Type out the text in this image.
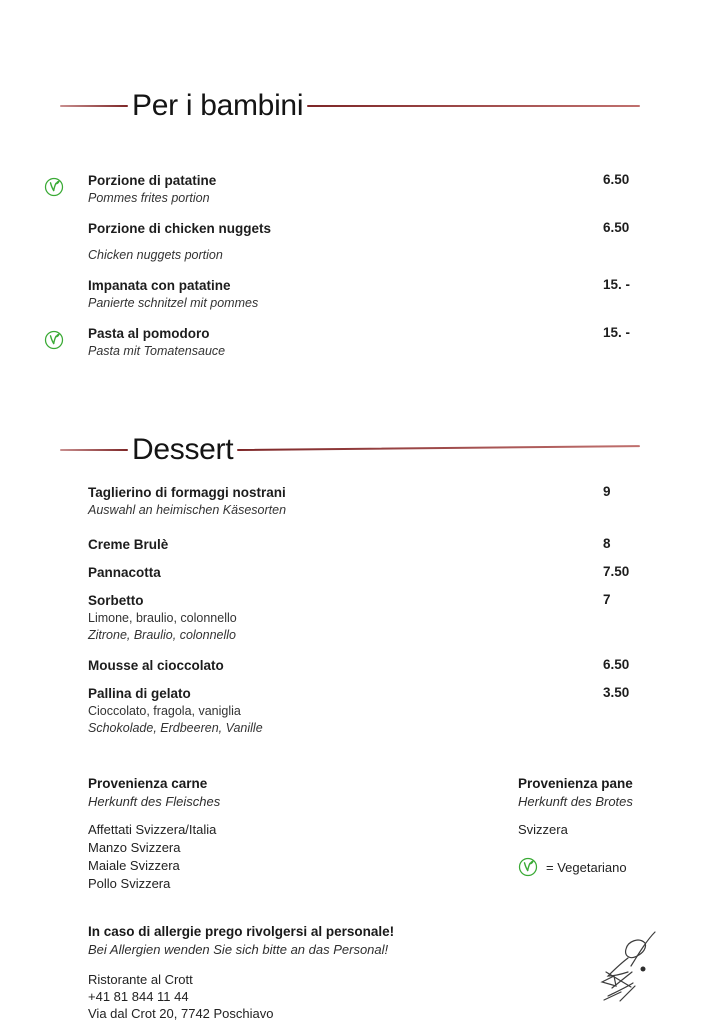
Per i bambini
Porzione di patatine	6.50
Pommes frites portion
Porzione di chicken nuggets	6.50
Chicken nuggets portion
Impanata con patatine	15. -
Panierte schnitzel mit pommes
Pasta al pomodoro	15. -
Pasta mit Tomatensauce
Dessert
Taglierino di formaggi nostrani	9
Auswahl an heimischen Käsesorten
Creme Brulè	8
Pannacotta	7.50
Sorbetto	7
Limone, braulio, colonnello
Zitrone, Braulio, colonnello
Mousse al cioccolato	6.50
Pallina di gelato	3.50
Cioccolato, fragola, vaniglia
Schokolade, Erdbeeren, Vanille
Provenienza carne
Herkunft des Fleisches
Affettati Svizzera/Italia
Manzo Svizzera
Maiale Svizzera
Pollo Svizzera
Provenienza pane
Herkunft des Brotes
Svizzera
= Vegetariano
In caso di allergie prego rivolgersi al personale!
Bei Allergien wenden Sie sich bitte an das Personal!
Ristorante al Crott
+41 81 844 11 44
Via dal Crot 20, 7742 Poschiavo
